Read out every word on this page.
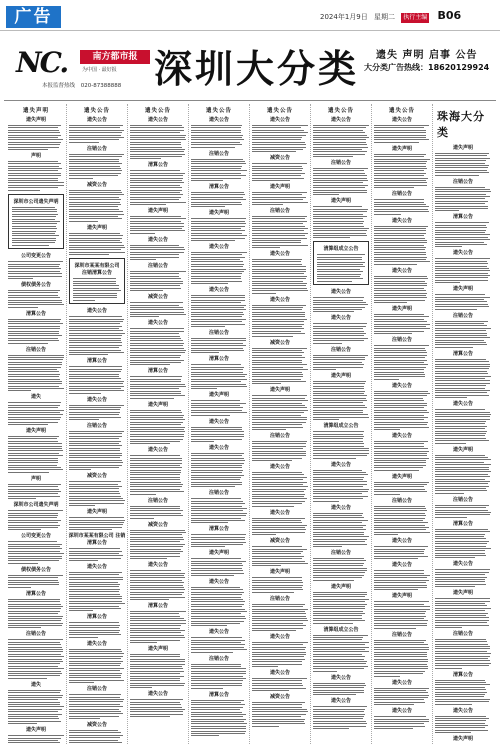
广告	2024年1月9日 星期二 执行主编 B06
NC.	南方都市报
为中国 · 最好报
本报监督热线 020-87388888 深圳大分类 遗失 声明 启事 公告
大分类广告热线：18620129924
遗失声明
遗失声明
声明
深圳市公司遗失声明
公司变更公告
债权债务公告
清算公告
注销公告
遗失
遗失声明
声明
深圳市公司遗失声明
公司变更公告
债权债务公告
清算公告
注销公告
遗失
遗失声明
遗失公告
遗失公告
注销公告
减资公告
遗失声明
深圳市某某有限公司 注销清算公告
遗失公告
清算公告
遗失公告
注销公告
减资公告
遗失声明
深圳市某某有限公司 注销清算公告
遗失公告
清算公告
遗失公告
注销公告
减资公告
遗失公告
遗失公告
清算公告
遗失声明
遗失公告
注销公告
减资公告
遗失公告
清算公告
遗失声明
遗失公告
注销公告
减资公告
遗失公告
清算公告
遗失声明
遗失公告
遗失公告
遗失公告
注销公告
清算公告
遗失声明
遗失公告
遗失公告
注销公告
清算公告
遗失声明
遗失公告
遗失公告
注销公告
清算公告
遗失声明
遗失公告
遗失公告
注销公告
清算公告
遗失公告
遗失公告
减资公告
遗失声明
注销公告
遗失公告
遗失公告
减资公告
遗失声明
注销公告
遗失公告
遗失公告
减资公告
遗失声明
注销公告
遗失公告
遗失公告
减资公告
遗失公告
遗失公告
注销公告
遗失声明
清算组成立公告
遗失公告
遗失公告
注销公告
遗失声明
清算组成立公告
遗失公告
遗失公告
注销公告
遗失声明
清算组成立公告
遗失公告
遗失公告
遗失公告
遗失公告
遗失声明
注销公告
遗失公告
遗失公告
遗失声明
注销公告
遗失公告
遗失公告
遗失声明
注销公告
遗失公告
遗失公告
遗失声明
注销公告
遗失公告
遗失公告
珠海大分类
遗失声明
注销公告
清算公告
遗失公告
遗失声明
注销公告
清算公告
遗失公告
遗失声明
注销公告
清算公告
遗失公告
遗失声明
注销公告
清算公告
遗失公告
遗失声明
